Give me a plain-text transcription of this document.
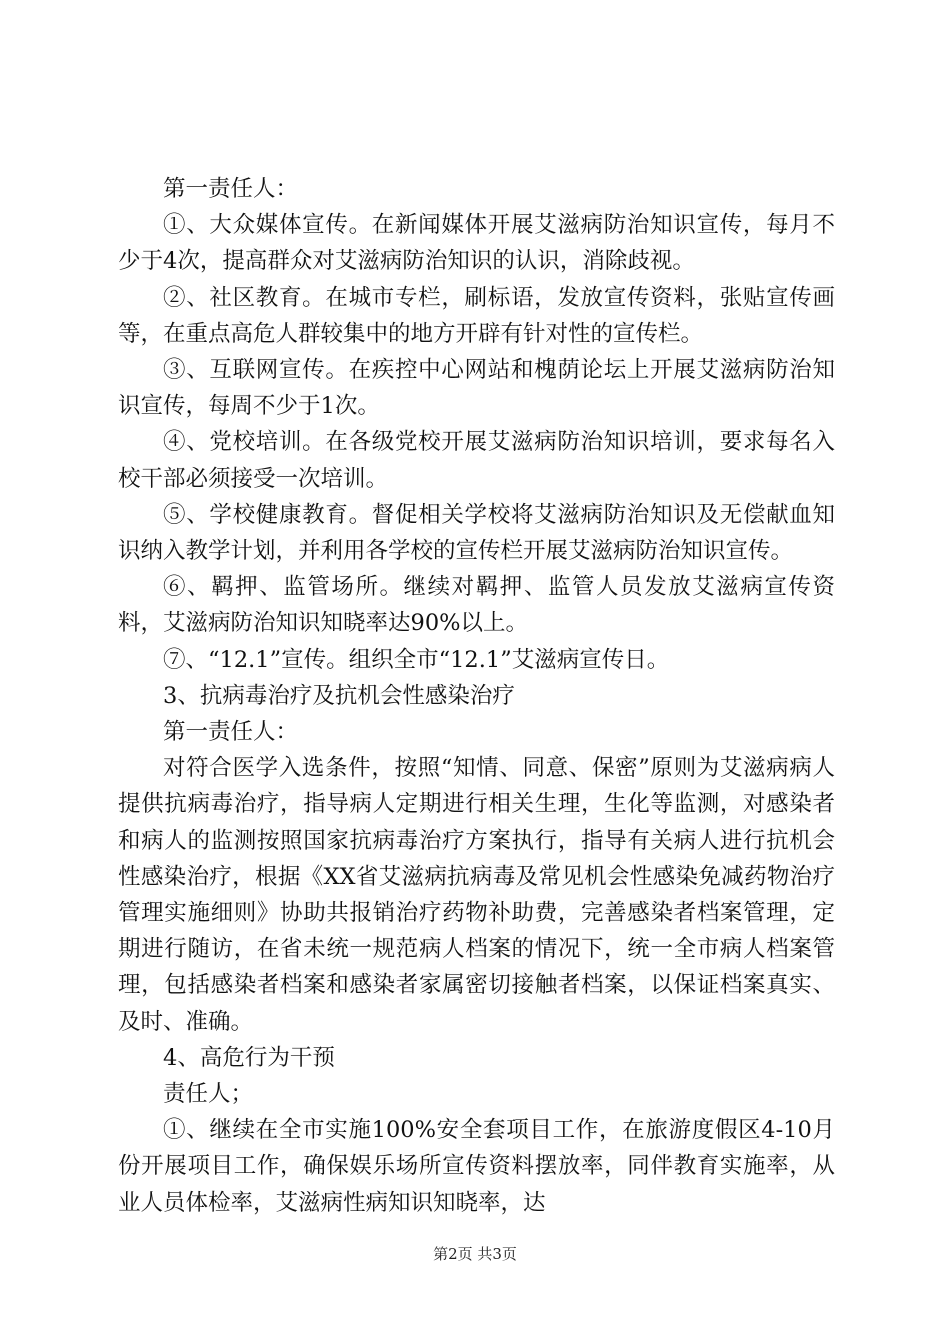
第一责任人：

①、大众媒体宣传。在新闻媒体开展艾滋病防治知识宣传，每月不少于4次，提高群众对艾滋病防治知识的认识，消除歧视。

②、社区教育。在城市专栏，刷标语，发放宣传资料，张贴宣传画等，在重点高危人群较集中的地方开辟有针对性的宣传栏。

③、互联网宣传。在疾控中心网站和槐荫论坛上开展艾滋病防治知识宣传，每周不少于1次。

④、党校培训。在各级党校开展艾滋病防治知识培训，要求每名入校干部必须接受一次培训。

⑤、学校健康教育。督促相关学校将艾滋病防治知识及无偿献血知识纳入教学计划，并利用各学校的宣传栏开展艾滋病防治知识宣传。

⑥、羁押、监管场所。继续对羁押、监管人员发放艾滋病宣传资料，艾滋病防治知识知晓率达90%以上。

⑦、“12.1”宣传。组织全市“12.1”艾滋病宣传日。

3、抗病毒治疗及抗机会性感染治疗

第一责任人：

对符合医学入选条件，按照“知情、同意、保密”原则为艾滋病病人提供抗病毒治疗，指导病人定期进行相关生理，生化等监测，对感染者和病人的监测按照国家抗病毒治疗方案执行，指导有关病人进行抗机会性感染治疗，根据《XX省艾滋病抗病毒及常见机会性感染免减药物治疗管理实施细则》协助共报销治疗药物补助费，完善感染者档案管理，定期进行随访，在省未统一规范病人档案的情况下，统一全市病人档案管理，包括感染者档案和感染者家属密切接触者档案，以保证档案真实、及时、准确。

4、高危行为干预

责任人；

①、继续在全市实施100%安全套项目工作，在旅游度假区4-10月份开展项目工作，确保娱乐场所宣传资料摆放率，同伴教育实施率，从业人员体检率，艾滋病性病知识知晓率，达

第2页 共3页
